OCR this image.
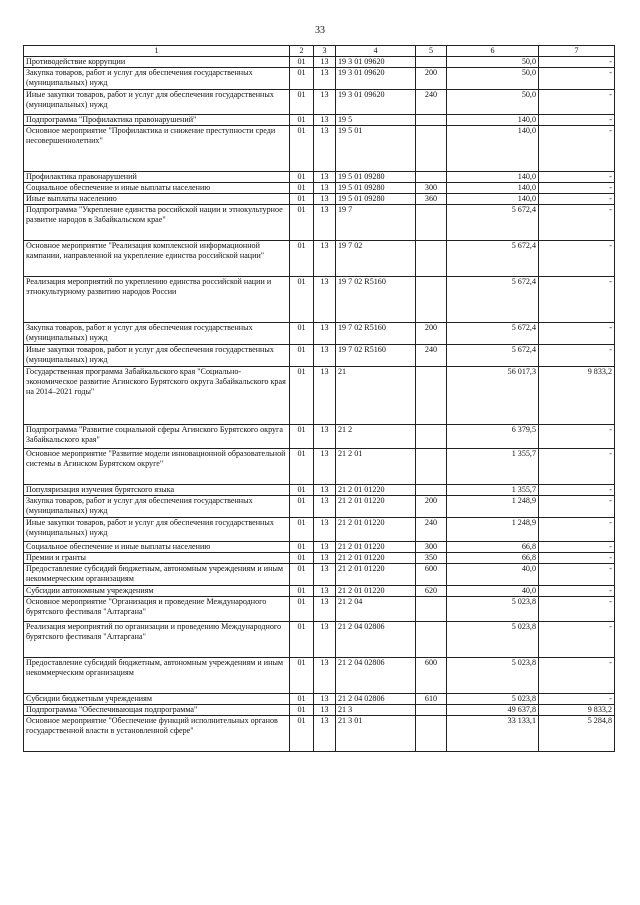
33
1	2	3	4	5	6	7
Противодействие коррупции	01	13	19 3 01 09620		50,0	-
Закупка товаров, работ и услуг для обеспечения государственных (муниципальных) нужд	01	13	19 3 01 09620	200	50,0	-
Иные закупки товаров, работ и услуг для обеспечения государственных (муниципальных) нужд	01	13	19 3 01 09620	240	50,0	-
Подпрограмма "Профилактика правонарушений"	01	13	19 5		140,0	-
Основное мероприятие "Профилактика и снижение преступности среди несовершеннолетних"	01	13	19 5 01		140,0	-
Профилактика правонарушений	01	13	19 5 01 09280		140,0	-
Социальное обеспечение и иные выплаты населению	01	13	19 5 01 09280	300	140,0	-
Иные выплаты населению	01	13	19 5 01 09280	360	140,0	-
Подпрограмма "Укрепление единства российской нации и этнокультурное развитие народов в Забайкальском крае"	01	13	19 7		5 672,4	-
Основное мероприятие "Реализация комплексной информационной кампании, направленной на укрепление единства российской нации"	01	13	19 7 02		5 672,4	-
Реализация мероприятий по укреплению единства российской нации и этнокультурному развитию народов России	01	13	19 7 02 R5160		5 672,4	-
Закупка товаров, работ и услуг для обеспечения государственных (муниципальных) нужд	01	13	19 7 02 R5160	200	5 672,4	-
Иные закупки товаров, работ и услуг для обеспечения государственных (муниципальных) нужд	01	13	19 7 02 R5160	240	5 672,4	-
Государственная программа Забайкальского края "Социально-экономическое развитие Агинского Бурятского округа Забайкальского края на 2014–2021 годы"	01	13	21		56 017,3	9 833,2
Подпрограмма "Развитие социальной сферы Агинского Бурятского округа Забайкальского края"	01	13	21 2		6 379,5	-
Основное мероприятие "Развитие модели инновационной образовательной системы в Агинском Бурятском округе"	01	13	21 2 01		1 355,7	-
Популяризация изучения бурятского языка	01	13	21 2 01 01220		1 355,7	-
Закупка товаров, работ и услуг для обеспечения государственных (муниципальных) нужд	01	13	21 2 01 01220	200	1 248,9	-
Иные закупки товаров, работ и услуг для обеспечения государственных (муниципальных) нужд	01	13	21 2 01 01220	240	1 248,9	-
Социальное обеспечение и иные выплаты населению	01	13	21 2 01 01220	300	66,8	-
Премии и гранты	01	13	21 2 01 01220	350	66,8	-
Предоставление субсидий бюджетным, автономным учреждениям и иным некоммерческим организациям	01	13	21 2 01 01220	600	40,0	-
Субсидии автономным учреждениям	01	13	21 2 01 01220	620	40,0	-
Основное мероприятие "Организация и проведение Международного бурятского фестиваля "Алтаргана"	01	13	21 2 04		5 023,8	-
Реализация мероприятий по организации и проведению Международного бурятского фестиваля "Алтаргана"	01	13	21 2 04 02806		5 023,8	-
Предоставление субсидий бюджетным, автономным учреждениям и иным некоммерческим организациям	01	13	21 2 04 02806	600	5 023,8	-
Субсидии бюджетным учреждениям	01	13	21 2 04 02806	610	5 023,8	-
Подпрограмма "Обеспечивающая подпрограмма"	01	13	21 3		49 637,8	9 833,2
Основное мероприятие "Обеспечение функций исполнительных органов государственной власти в установленной сфере"	01	13	21 3 01		33 133,1	5 284,8
